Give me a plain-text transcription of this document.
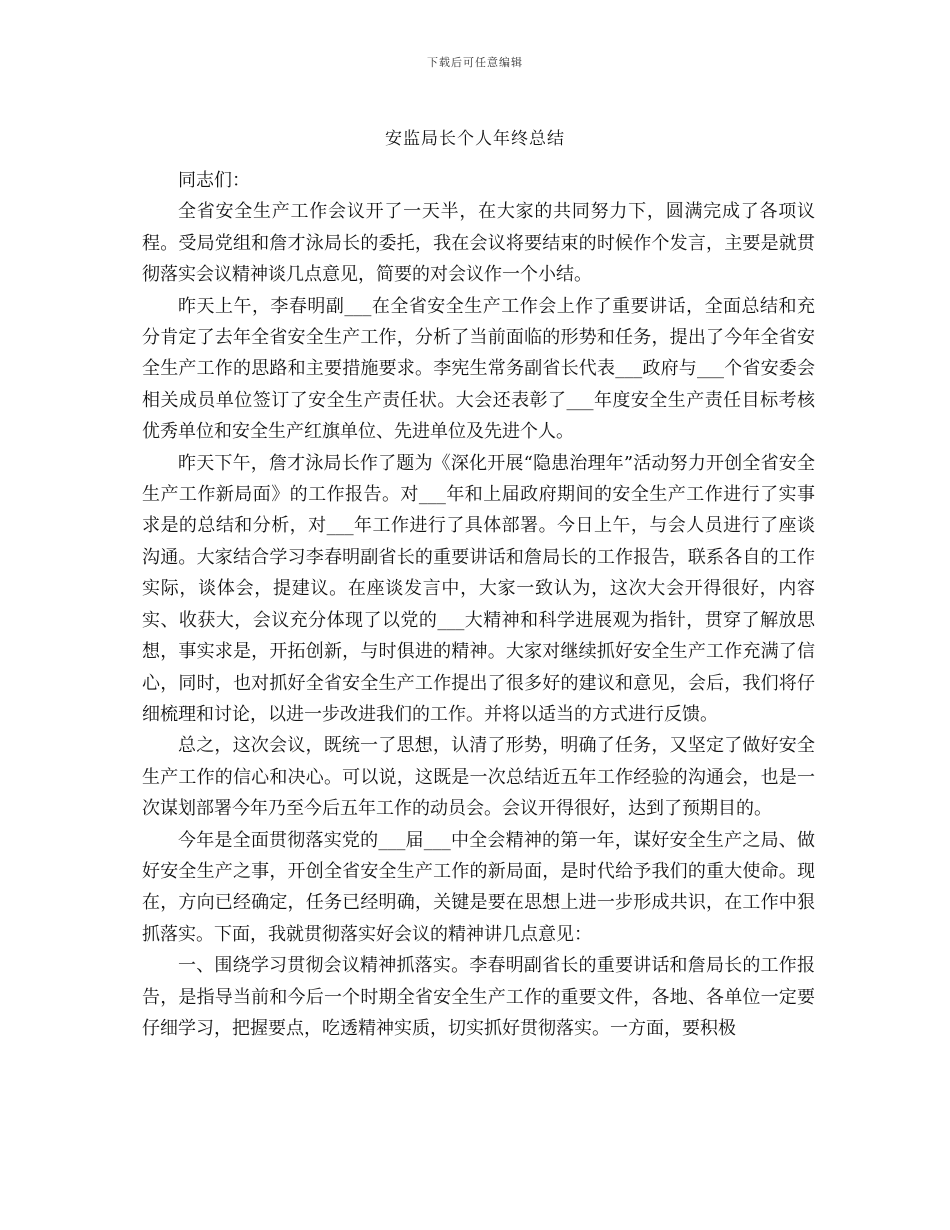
下载后可任意编辑
安监局长个人年终总结

同志们：

全省安全生产工作会议开了一天半，在大家的共同努力下，圆满完成了各项议程。受局党组和詹才泳局长的委托，我在会议将要结束的时候作个发言，主要是就贯彻落实会议精神谈几点意见，简要的对会议作一个小结。

昨天上午，李春明副___在全省安全生产工作会上作了重要讲话，全面总结和充分肯定了去年全省安全生产工作，分析了当前面临的形势和任务，提出了今年全省安全生产工作的思路和主要措施要求。李宪生常务副省长代表___政府与___个省安委会相关成员单位签订了安全生产责任状。大会还表彰了___年度安全生产责任目标考核优秀单位和安全生产红旗单位、先进单位及先进个人。

昨天下午，詹才泳局长作了题为《深化开展“隐患治理年”活动努力开创全省安全生产工作新局面》的工作报告。对___年和上届政府期间的安全生产工作进行了实事求是的总结和分析，对___年工作进行了具体部署。今日上午，与会人员进行了座谈沟通。大家结合学习李春明副省长的重要讲话和詹局长的工作报告，联系各自的工作实际，谈体会，提建议。在座谈发言中，大家一致认为，这次大会开得很好，内容实、收获大，会议充分体现了以党的___大精神和科学进展观为指针，贯穿了解放思想，事实求是，开拓创新，与时俱进的精神。大家对继续抓好安全生产工作充满了信心，同时，也对抓好全省安全生产工作提出了很多好的建议和意见，会后，我们将仔细梳理和讨论，以进一步改进我们的工作。并将以适当的方式进行反馈。

总之，这次会议，既统一了思想，认清了形势，明确了任务，又坚定了做好安全生产工作的信心和决心。可以说，这既是一次总结近五年工作经验的沟通会，也是一次谋划部署今年乃至今后五年工作的动员会。会议开得很好，达到了预期目的。

今年是全面贯彻落实党的___届___中全会精神的第一年，谋好安全生产之局、做好安全生产之事，开创全省安全生产工作的新局面，是时代给予我们的重大使命。现在，方向已经确定，任务已经明确，关键是要在思想上进一步形成共识，在工作中狠抓落实。下面，我就贯彻落实好会议的精神讲几点意见：

一、围绕学习贯彻会议精神抓落实。李春明副省长的重要讲话和詹局长的工作报告，是指导当前和今后一个时期全省安全生产工作的重要文件，各地、各单位一定要仔细学习，把握要点，吃透精神实质，切实抓好贯彻落实。一方面，要积极
